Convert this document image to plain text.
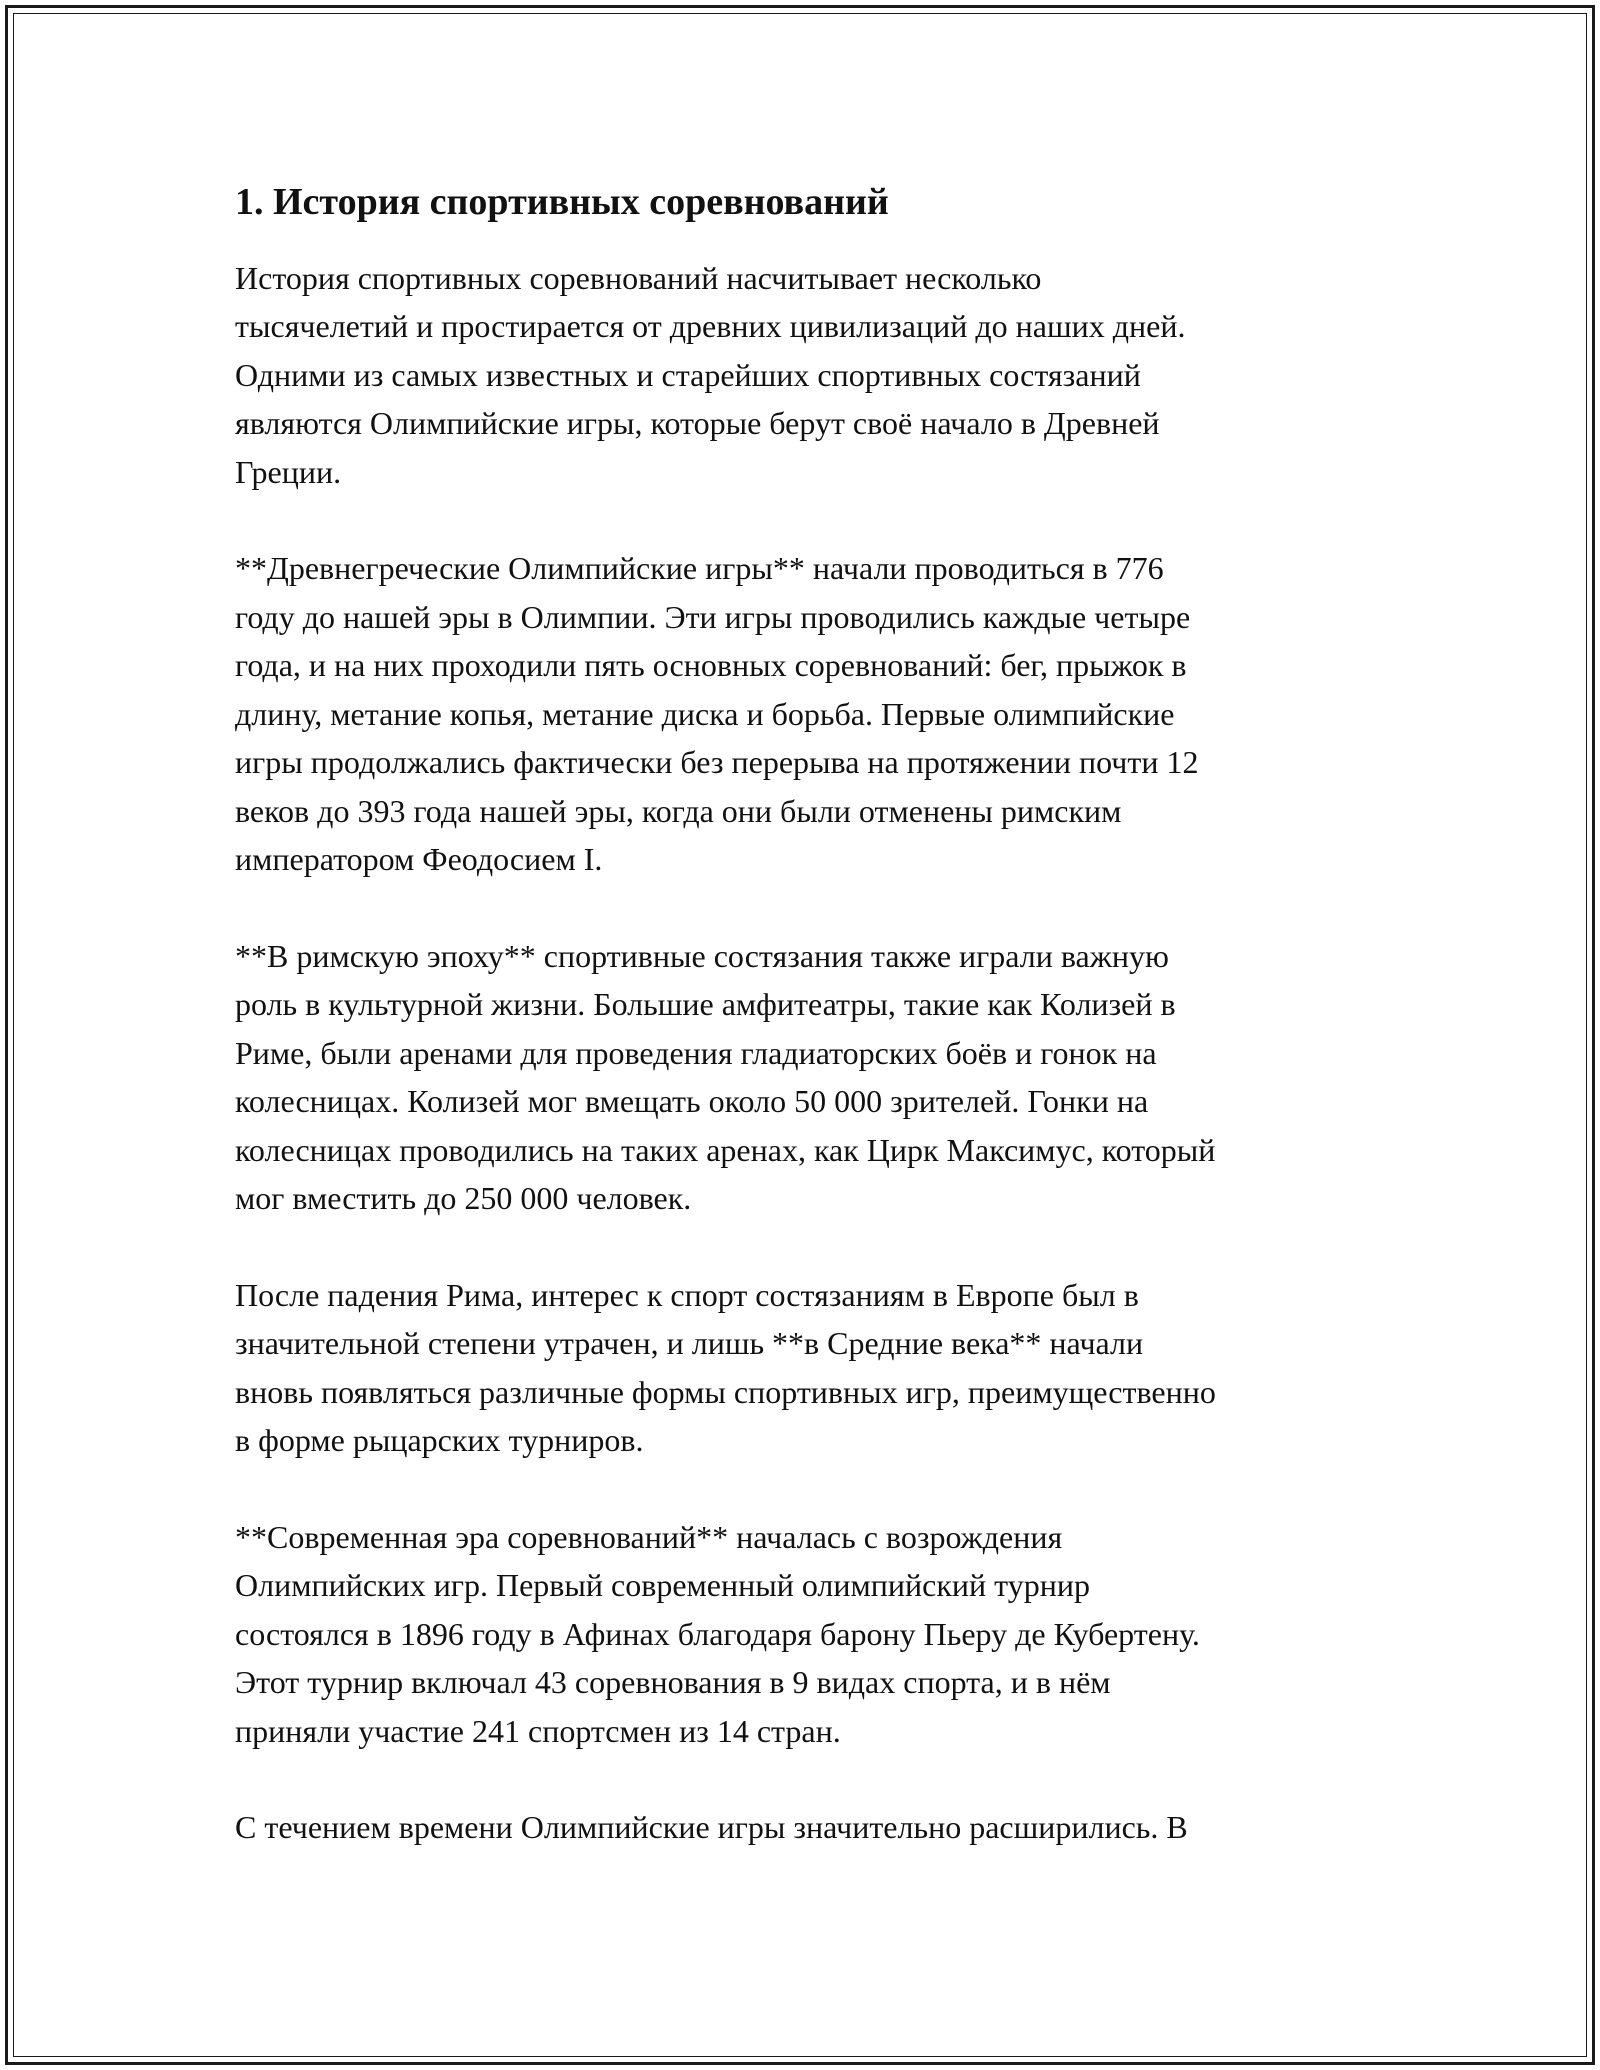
1. История спортивных соревнований

История спортивных соревнований насчитывает несколько
тысячелетий и простирается от древних цивилизаций до наших дней.
Одними из самых известных и старейших спортивных состязаний
являются Олимпийские игры, которые берут своё начало в Древней
Греции.

**Древнегреческие Олимпийские игры** начали проводиться в 776
году до нашей эры в Олимпии. Эти игры проводились каждые четыре
года, и на них проходили пять основных соревнований: бег, прыжок в
длину, метание копья, метание диска и борьба. Первые олимпийские
игры продолжались фактически без перерыва на протяжении почти 12
веков до 393 года нашей эры, когда они были отменены римским
императором Феодосием I.

**В римскую эпоху** спортивные состязания также играли важную
роль в культурной жизни. Большие амфитеатры, такие как Колизей в
Риме, были аренами для проведения гладиаторских боёв и гонок на
колесницах. Колизей мог вмещать около 50 000 зрителей. Гонки на
колесницах проводились на таких аренах, как Цирк Максимус, который
мог вместить до 250 000 человек.

После падения Рима, интерес к спорт состязаниям в Европе был в
значительной степени утрачен, и лишь **в Средние века** начали
вновь появляться различные формы спортивных игр, преимущественно
в форме рыцарских турниров.

**Современная эра соревнований** началась с возрождения
Олимпийских игр. Первый современный олимпийский турнир
состоялся в 1896 году в Афинах благодаря барону Пьеру де Кубертену.
Этот турнир включал 43 соревнования в 9 видах спорта, и в нём
приняли участие 241 спортсмен из 14 стран.

С течением времени Олимпийские игры значительно расширились. В
